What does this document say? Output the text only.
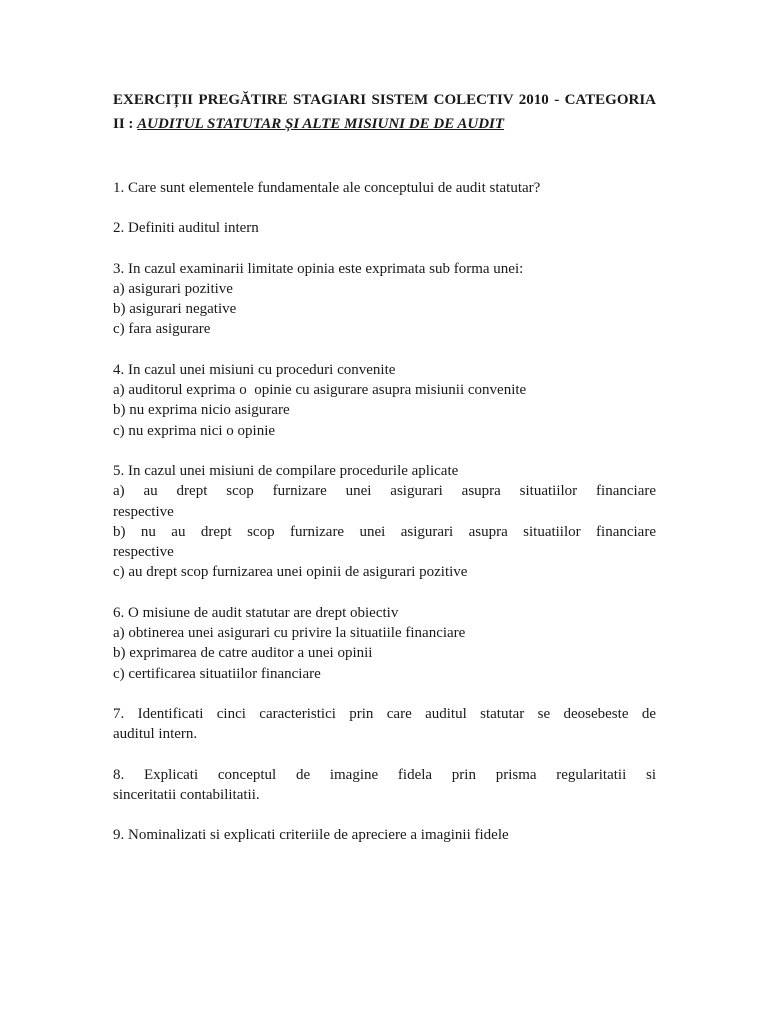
EXERCIȚII PREGĂTIRE STAGIARI SISTEM COLECTIV 2010 - CATEGORIA

II : AUDITUL STATUTAR ȘI ALTE MISIUNI DE DE AUDIT

1. Care sunt elementele fundamentale ale conceptului de audit statutar?
2. Definiti auditul intern
3. In cazul examinarii limitate opinia este exprimata sub forma unei:
a) asigurari pozitive
b) asigurari negative
c) fara asigurare
4. In cazul unei misiuni cu proceduri convenite
a) auditorul exprima o  opinie cu asigurare asupra misiunii convenite
b) nu exprima nicio asigurare
c) nu exprima nici o opinie
5. In cazul unei misiuni de compilare procedurile aplicate
a) au drept scop furnizare unei asigurari asupra situatiilor financiare
respective
b) nu au drept scop furnizare unei asigurari asupra situatiilor financiare
respective
c) au drept scop furnizarea unei opinii de asigurari pozitive
6. O misiune de audit statutar are drept obiectiv
a) obtinerea unei asigurari cu privire la situatiile financiare
b) exprimarea de catre auditor a unei opinii
c) certificarea situatiilor financiare
7. Identificati cinci caracteristici prin care auditul statutar se deosebeste de
auditul intern.
8. Explicati conceptul de imagine fidela prin prisma regularitatii si
sinceritatii contabilitatii.
9. Nominalizati si explicati criteriile de apreciere a imaginii fidele
